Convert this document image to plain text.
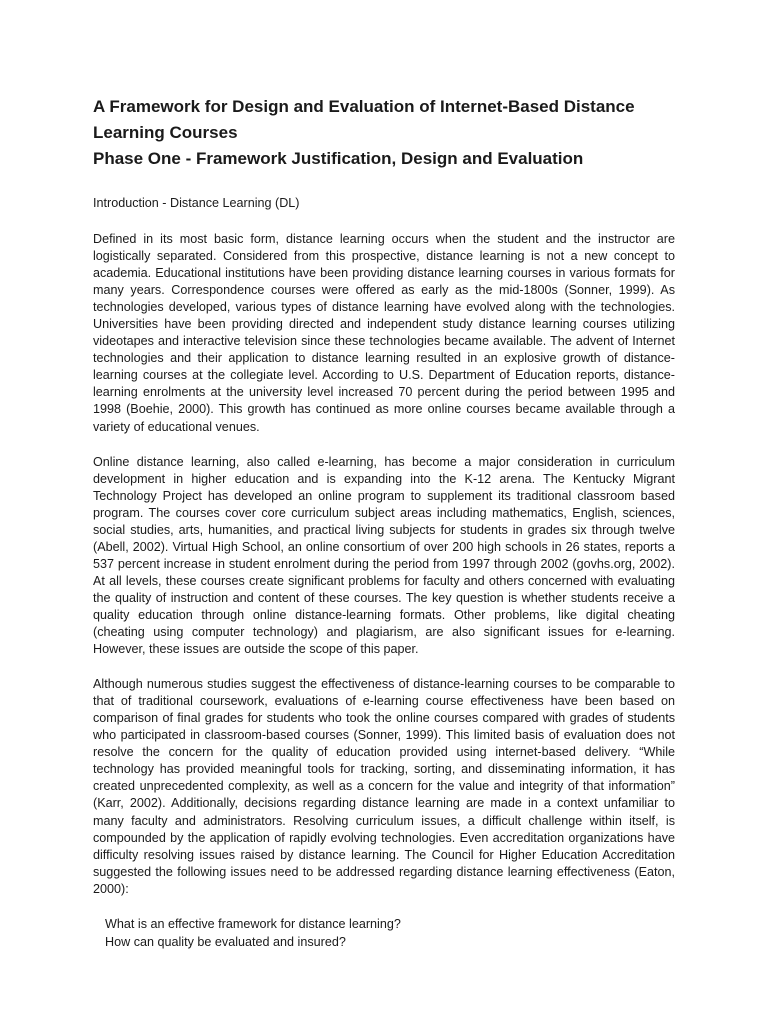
A Framework for Design and Evaluation of Internet-Based Distance
Learning Courses
Phase One - Framework Justification, Design and Evaluation

Introduction - Distance Learning (DL)

Defined in its most basic form, distance learning occurs when the student and the instructor are logistically separated. Considered from this prospective, distance learning is not a new concept to academia. Educational institutions have been providing distance learning courses in various formats for many years. Correspondence courses were offered as early as the mid-1800s (Sonner, 1999). As technologies developed, various types of distance learning have evolved along with the technologies. Universities have been providing directed and independent study distance learning courses utilizing videotapes and interactive television since these technologies became available. The advent of Internet technologies and their application to distance learning resulted in an explosive growth of distance-learning courses at the collegiate level. According to U.S. Department of Education reports, distance-learning enrolments at the university level increased 70 percent during the period between 1995 and 1998 (Boehie, 2000). This growth has continued as more online courses became available through a variety of educational venues.

Online distance learning, also called e-learning, has become a major consideration in curriculum development in higher education and is expanding into the K-12 arena. The Kentucky Migrant Technology Project has developed an online program to supplement its traditional classroom based program. The courses cover core curriculum subject areas including mathematics, English, sciences, social studies, arts, humanities, and practical living subjects for students in grades six through twelve (Abell, 2002). Virtual High School, an online consortium of over 200 high schools in 26 states, reports a 537 percent increase in student enrolment during the period from 1997 through 2002 (govhs.org, 2002). At all levels, these courses create significant problems for faculty and others concerned with evaluating the quality of instruction and content of these courses. The key question is whether students receive a quality education through online distance-learning formats. Other problems, like digital cheating (cheating using computer technology) and plagiarism, are also significant issues for e-learning. However, these issues are outside the scope of this paper.

Although numerous studies suggest the effectiveness of distance-learning courses to be comparable to that of traditional coursework, evaluations of e-learning course effectiveness have been based on comparison of final grades for students who took the online courses compared with grades of students who participated in classroom-based courses (Sonner, 1999). This limited basis of evaluation does not resolve the concern for the quality of education provided using internet-based delivery. “While technology has provided meaningful tools for tracking, sorting, and disseminating information, it has created unprecedented complexity, as well as a concern for the value and integrity of that information” (Karr, 2002). Additionally, decisions regarding distance learning are made in a context unfamiliar to many faculty and administrators. Resolving curriculum issues, a difficult challenge within itself, is compounded by the application of rapidly evolving technologies. Even accreditation organizations have difficulty resolving issues raised by distance learning. The Council for Higher Education Accreditation suggested the following issues need to be addressed regarding distance learning effectiveness (Eaton, 2000):

What is an effective framework for distance learning?
How can quality be evaluated and insured?
